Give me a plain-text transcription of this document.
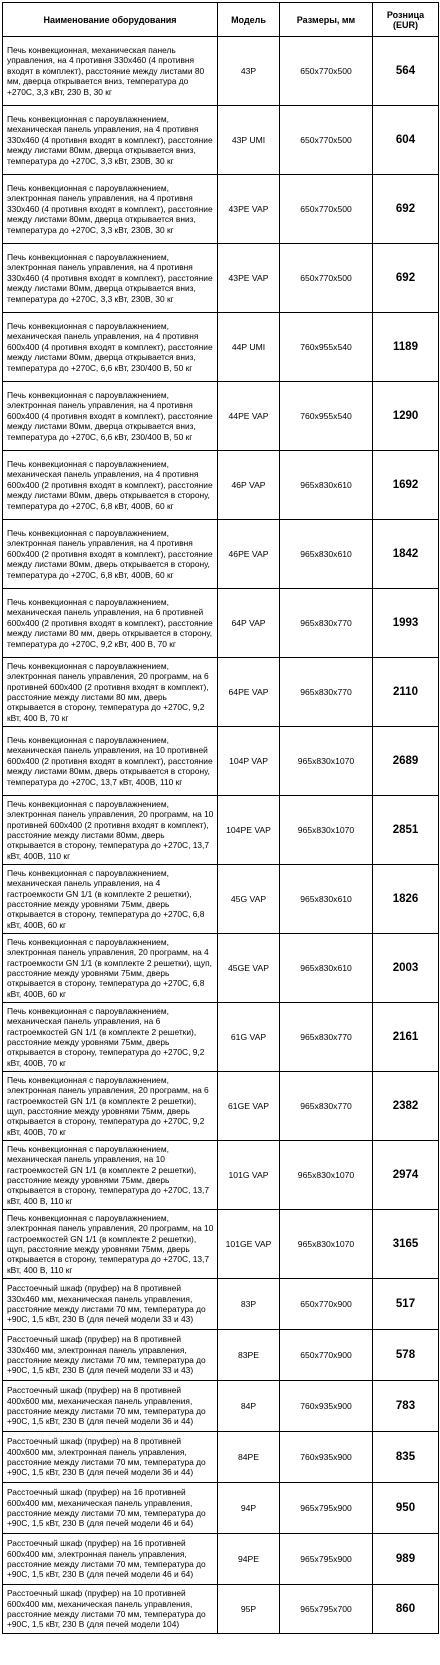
Наименование оборудования	Модель	Размеры, мм	Розница
(EUR)

Печь конвекционная, механическая панель управления, на 4 противня 330х460 (4 противня входят в комплект), расстояние между листами 80 мм, дверца открывается вниз, температура до +270С, 3,3 кВт, 230 В, 30 кг	43P	650x770x500	564
Печь конвекционная с пароувлажнением, механическая панель управления, на 4 противня 330х460 (4 противня входят в комплект), расстояние между листами 80мм, дверца открывается вниз, температура до +270С, 3,3 кВт, 230В, 30 кг	43P UMI	650x770x500	604
Печь конвекционная с пароувлажнением, электронная панель управления, на 4 противня 330х460 (4 противня входят в комплект), расстояние между листами 80мм, дверца открывается вниз, температура до +270С, 3,3 кВт, 230В, 30 кг	43PE VAP	650x770x500	692
Печь конвекционная с пароувлажнением, электронная панель управления, на 4 противня 330х460 (4 противня входят в комплект), расстояние между листами 80мм, дверца открывается вниз, температура до +270С, 3,3 кВт, 230В, 30 кг	43PE VAP	650x770x500	692
Печь конвекционная с пароувлажнением, механическая панель управления, на 4 противня 600х400 (4 противня входят в комплект), расстояние между листами 80мм, дверца открывается вниз, температура до +270С, 6,6 кВт, 230/400 В, 50 кг	44P UMI	760x955x540	1189
Печь конвекционная с пароувлажнением, электронная панель управления, на 4 противня 600х400 (4 противня входят в комплект), расстояние между листами 80мм, дверца открывается вниз, температура до +270С, 6,6 кВт, 230/400 В, 50 кг	44PE VAP	760x955x540	1290
Печь конвекционная с пароувлажнением, механическая панель управления, на 4 противня 600х400 (2 противня входят в комплект), расстояние между листами 80мм, дверь открывается в сторону, температура до +270С, 6,8 кВт, 400В, 60 кг	46P VAP	965x830x610	1692
Печь конвекционная с пароувлажнением, электронная панель управления, на 4 противня 600х400 (2 противня входят в комплект), расстояние между листами 80мм, дверь открывается в сторону, температура до +270С, 6,8 кВт, 400В, 60 кг	46PE VAP	965x830x610	1842
Печь конвекционная с пароувлажнением, механическая панель управления, на 6 противней 600х400 (2 противня входят в комплект), расстояние между листами 80 мм, дверь открывается в сторону, температура до +270С, 9,2 кВт, 400 В, 70 кг	64P VAP	965x830x770	1993
Печь конвекционная с пароувлажнением, электронная панель управления, 20 программ, на 6 противней 600х400 (2 противня входят в комплект), расстояние между листами 80 мм, дверь открывается в сторону, температура до +270С, 9,2 кВт, 400 В, 70 кг	64PE VAP	965x830x770	2110
Печь конвекционная с пароувлажнением, механическая панель управления, на 10 противней 600х400 (2 противня входят в комплект), расстояние между листами 80мм, дверь открывается в сторону, температура до +270С, 13,7 кВт, 400В, 110 кг	104P VAP	965x830x1070	2689
Печь конвекционная с пароувлажнением, электронная панель управления, 20 программ, на 10 противней 600х400 (2 противня входят в комплект), расстояние между листами 80мм, дверь открывается в сторону, температура до +270С, 13,7 кВт, 400В, 110 кг	104PE VAP	965x830x1070	2851
Печь конвекционная с пароувлажнением, механическая панель управления, на 4 гастроемкости GN 1/1 (в комплекте 2 решетки), расстояние между уровнями 75мм, дверь открывается в сторону, температура до +270С, 6,8 кВт, 400В, 60 кг	45G VAP	965x830x610	1826
Печь конвекционная с пароувлажнением, электронная панель управления, 20 программ, на 4 гастроемкости GN 1/1 (в комплекте 2 решетки), щуп, расстояние между уровнями 75мм, дверь открывается в сторону, температура до +270С, 6,8 кВт, 400В, 60 кг	45GE VAP	965x830x610	2003
Печь конвекционная с пароувлажнением, механическая панель управления, на 6 гастроемкостей GN 1/1 (в комплекте 2 решетки), расстояние между уровнями 75мм, дверь открывается в сторону, температура до +270С, 9,2 кВт, 400В, 70 кг	61G VAP	965x830x770	2161
Печь конвекционная с пароувлажнением, электронная панель управления, 20 программ, на 6 гастроемкостей GN 1/1 (в комплекте 2 решетки), щуп, расстояние между уровнями 75мм, дверь открывается в сторону, температура до +270С, 9,2 кВт, 400В, 70 кг	61GE VAP	965x830x770	2382
Печь конвекционная с пароувлажнением, механическая панель управления, на 10 гастроемкостей GN 1/1 (в комплекте 2 решетки), расстояние между уровнями 75мм, дверь открывается в сторону, температура до +270С, 13,7 кВт, 400 В, 110 кг	101G VAP	965x830x1070	2974
Печь конвекционная с пароувлажнением, электронная панель управления, 20 программ, на 10 гастроемкостей GN 1/1 (в комплекте 2 решетки), щуп, расстояние между уровнями 75мм, дверь открывается в сторону, температура до +270С, 13,7 кВт, 400 В, 110 кг	101GE VAP	965x830x1070	3165
Расстоечный шкаф (пруфер) на 8 противней 330х460 мм, механическая панель управления, расстояние между листами 70 мм, температура до +90С, 1,5 кВт, 230 В (для печей модели 33 и 43)	83P	650x770x900	517
Расстоечный шкаф (пруфер) на 8 противней 330х460 мм, электронная панель управления, расстояние между листами 70 мм, температура до +90С, 1,5 кВт, 230 В (для печей модели 33 и 43)	83PE	650x770x900	578
Расстоечный шкаф (пруфер) на 8 противней 400х600 мм, механическая панель управления, расстояние между листами 70 мм, температура до +90С, 1,5 кВт, 230 В (для печей модели 36 и 44)	84P	760x935x900	783
Расстоечный шкаф (пруфер) на 8 противней 400х600 мм, электронная панель управления, расстояние между листами 70 мм, температура до +90С, 1,5 кВт, 230 В (для печей модели 36 и 44)	84PE	760x935x900	835
Расстоечный шкаф (пруфер) на 16 противней 600х400 мм, механическая панель управления, расстояние между листами 70 мм, температура до +90С, 1,5 кВт, 230 В (для печей модели 46 и 64)	94P	965x795x900	950
Расстоечный шкаф (пруфер) на 16 противней 600х400 мм, электронная панель управления, расстояние между листами 70 мм, температура до +90С, 1,5 кВт, 230 В (для печей модели 46 и 64)	94PE	965x795x900	989
Расстоечный шкаф (пруфер) на 10 противней 600х400 мм, механическая панель управления, расстояние между листами 70 мм, температура до +90С, 1,5 кВт, 230 В (для печей модели 104)	95P	965x795x700	860
